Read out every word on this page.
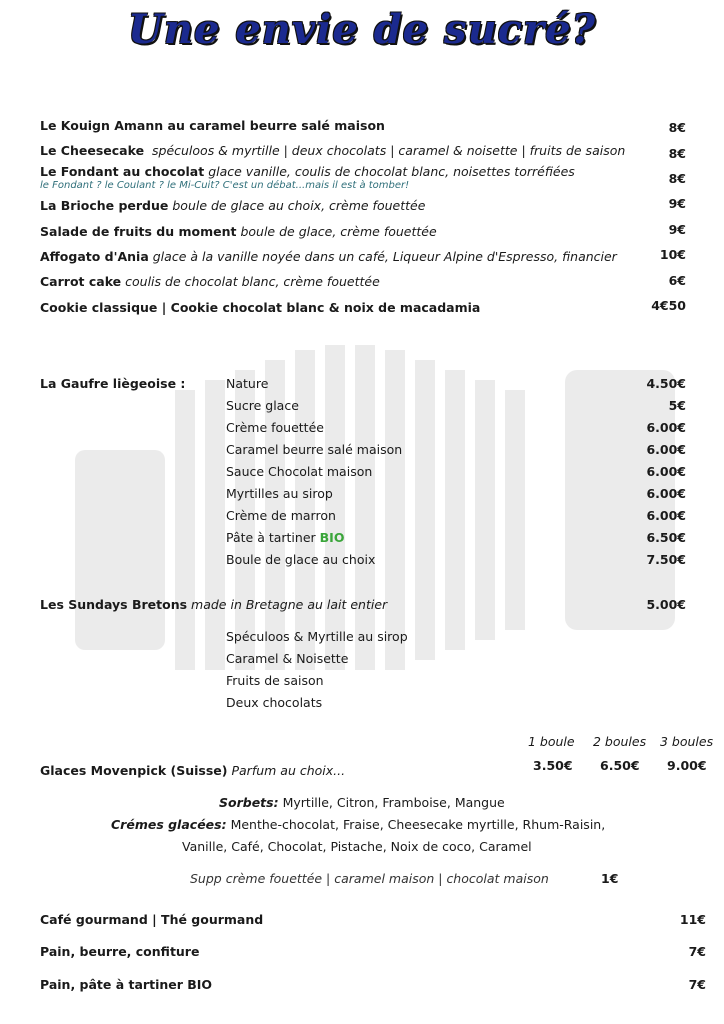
Une envie de sucré?
Le Kouign Amann au caramel beurre salé maison	8€
Le Cheesecake spéculoos & myrtille | deux chocolats | caramel & noisette | fruits de saison	8€
Le Fondant au chocolat glace vanille, coulis de chocolat blanc, noisettes torréfiées
le Fondant ? le Coulant ? le Mi-Cuit? C'est un débat...mais il est à tomber!	8€
La Brioche perdue boule de glace au choix, crème fouettée	9€
Salade de fruits du moment boule de glace, crème fouettée	9€
Affogato d'Ania glace à la vanille noyée dans un café, Liqueur Alpine d'Espresso, financier	10€
Carrot cake coulis de chocolat blanc, crème fouettée	6€
Cookie classique | Cookie chocolat blanc & noix de macadamia	4€50
La Gaufre liègeoise :	Nature	4.50€
Sucre glace	5€
Crème fouettée	6.00€
Caramel beurre salé maison	6.00€
Sauce Chocolat maison	6.00€
Myrtilles au sirop	6.00€
Crème de marron	6.00€
Pâte à tartiner BIO	6.50€
Boule de glace au choix	7.50€
Les Sundays Bretons made in Bretagne au lait entier	5.00€
Spéculoos & Myrtille au sirop
Caramel & Noisette
Fruits de saison
Deux chocolats
1 boule 2 boules 3 boules
Glaces Movenpick (Suisse) Parfum au choix...	3.50€ 6.50€ 9.00€
Sorbets: Myrtille, Citron, Framboise, Mangue
Crémes glacées: Menthe-chocolat, Fraise, Cheesecake myrtille, Rhum-Raisin,
Vanille, Café, Chocolat, Pistache, Noix de coco, Caramel
Supp crème fouettée | caramel maison | chocolat maison	1€
Café gourmand | Thé gourmand	11€
Pain, beurre, confiture	7€
Pain, pâte à tartiner BIO	7€
